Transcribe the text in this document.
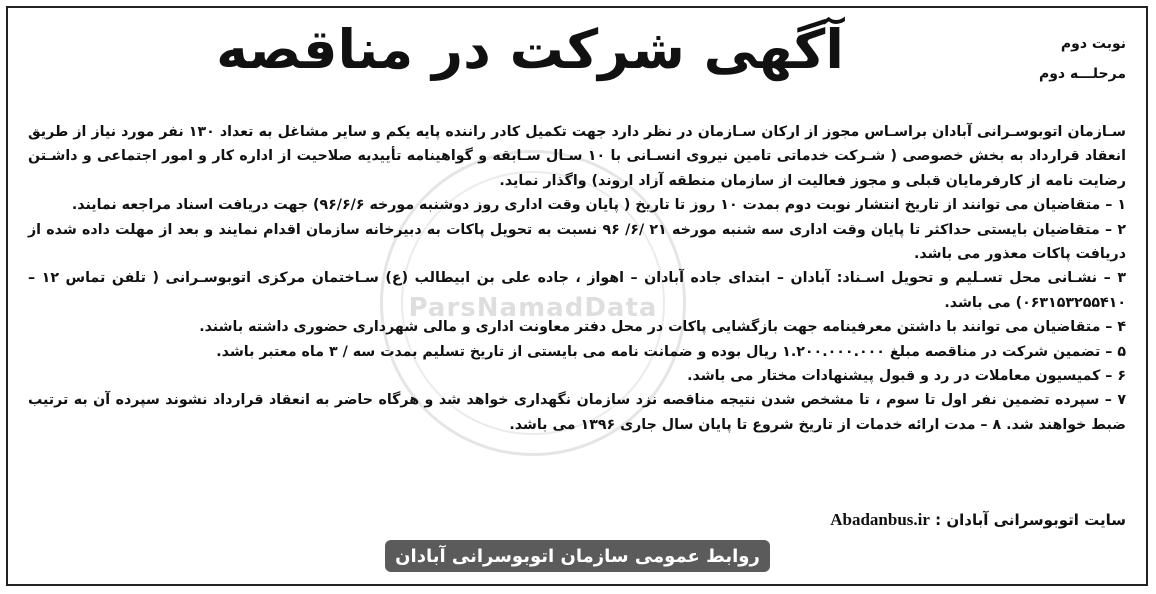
ParsNamadData
نوبت دوم
مرحلـــه دوم
آگهی شرکت در مناقصه

سـازمان اتوبوسـرانی آبادان براسـاس مجوز از ارکان سـازمان در نظر دارد جهت تکمیل کادر راننده پایه یکم و سایر مشاغل به تعداد ۱۳۰ نفر مورد نیاز از طریق انعقاد قرارداد به بخش خصوصی ( شـرکت خدماتی تامین نیروی انسـانی با ۱۰ سـال سـابقه و گواهینامه تأییدیه صلاحیت از اداره کار و امور اجتماعی و داشـتن رضایت نامه از کارفرمایان قبلی و مجوز فعالیت از سازمان منطقه آزاد اروند) واگذار نماید.

۱ – متقاضیان می توانند از تاریخ انتشار نوبت دوم بمدت ۱۰ روز تا تاریخ ( پایان وقت اداری روز دوشنبه مورخه ۹۶/۶/۶) جهت دریافت اسناد مراجعه نمایند.

۲ – متقاضیان بایستی حداکثر تا پایان وقت اداری سه شنبه مورخه ۲۱ /۶/ ۹۶ نسبت به تحویل پاکات به دبیرخانه سازمان اقدام نمایند و بعد از مهلت داده شده از دریافت پاکات معذور می باشد.

۳ – نشـانی محل تسـلیم و تحویل اسـناد: آبادان – ابتدای جاده آبادان – اهواز ، جاده علی بن ابیطالب (ع) سـاختمان مرکزی اتوبوسـرانی ( تلفن تماس ۱۲ – ۰۶۳۱۵۳۲۵۵۴۱۰) می باشد.

۴ – متقاضیان می توانند با داشتن معرفینامه جهت بازگشایی پاکات در محل دفتر معاونت اداری و مالی شهرداری حضوری داشته باشند.

۵ – تضمین شرکت در مناقصه مبلغ ۱.۲۰۰.۰۰۰.۰۰۰ ریال بوده و ضمانت نامه می بایستی از تاریخ تسلیم بمدت سه / ۳ ماه معتبر باشد.

۶ – کمیسیون معاملات در رد و قبول پیشنهادات مختار می باشد.

۷ – سپرده تضمین نفر اول تا سوم ، تا مشخص شدن نتیجه مناقصه نزد سازمان نگهداری خواهد شد و هرگاه حاضر به انعقاد قرارداد نشوند سپرده آن به ترتیب ضبط خواهند شد. ۸ – مدت ارائه خدمات از تاریخ شروع تا پایان سال جاری ۱۳۹۶ می باشد.

سایت اتوبوسرانی آبادان : Abadanbus.ir
روابط عمومی سازمان اتوبوسرانی آبادان
